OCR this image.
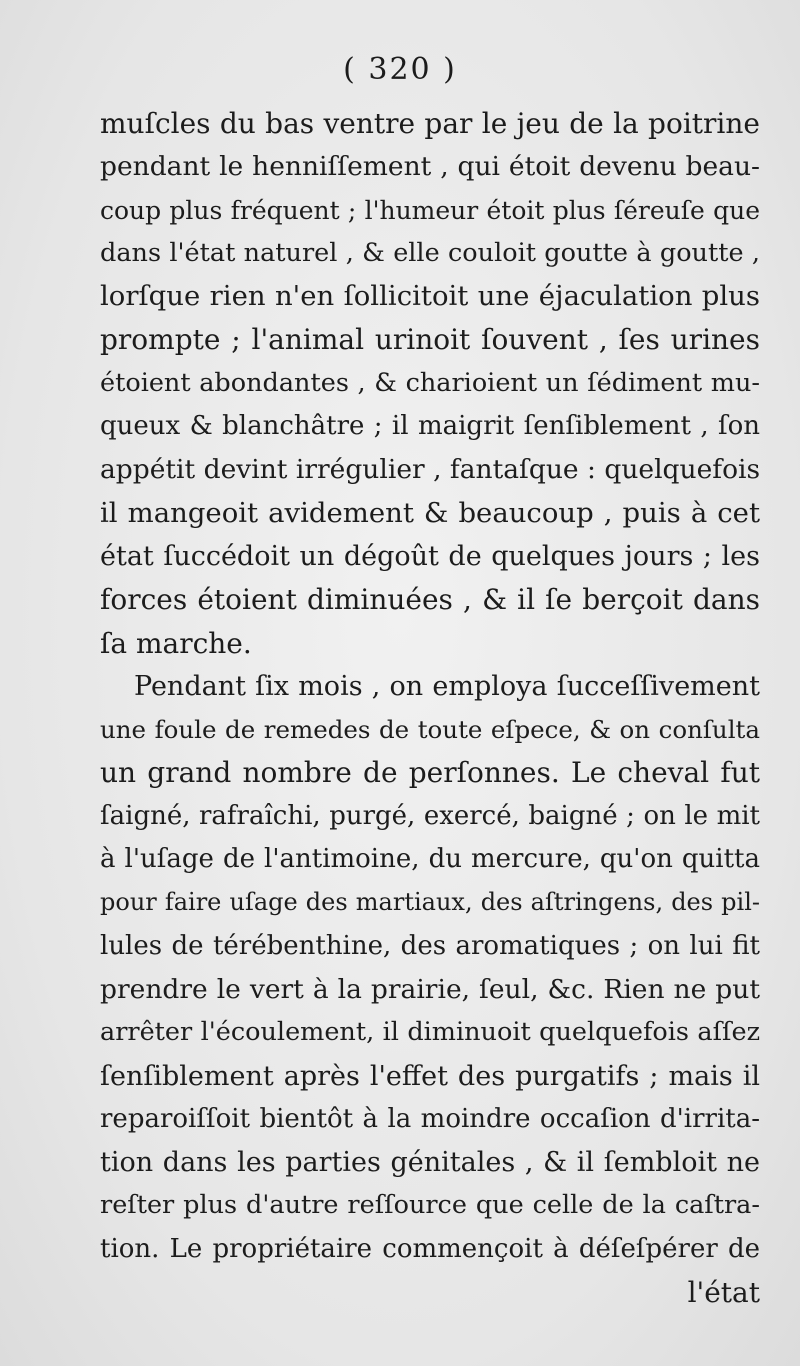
( 320 )
muſcles du bas ventre par le jeu de la poitrine
pendant le henniſſement , qui étoit devenu beau-
coup plus fréquent ; l'humeur étoit plus ſéreuſe que
dans l'état naturel , & elle couloit goutte à goutte ,
lorſque rien n'en ſollicitoit une éjaculation plus
prompte ; l'animal urinoit ſouvent , ſes urines
étoient abondantes , & charioient un ſédiment mu-
queux & blanchâtre ; il maigrit ſenſiblement , ſon
appétit devint irrégulier , fantaſque : quelquefois
il mangeoit avidement & beaucoup , puis à cet
état ſuccédoit un dégoût de quelques jours ; les
forces étoient diminuées , & il ſe berçoit dans
ſa marche.
Pendant ſix mois , on employa ſucceſſivement
une foule de remedes de toute eſpece, & on conſulta
un grand nombre de perſonnes. Le cheval fut
ſaigné, rafraîchi, purgé, exercé, baigné ; on le mit
à l'uſage de l'antimoine, du mercure, qu'on quitta
pour faire uſage des martiaux, des aſtringens, des pil-
lules de térébenthine, des aromatiques ; on lui fit
prendre le vert à la prairie, ſeul, &c. Rien ne put
arrêter l'écoulement, il diminuoit quelquefois aſſez
ſenſiblement après l'effet des purgatifs ; mais il
reparoiſſoit bientôt à la moindre occaſion d'irrita-
tion dans les parties génitales , & il ſembloit ne
reſter plus d'autre reſſource que celle de la caſtra-
tion. Le propriétaire commençoit à déſeſpérer de
l'état
